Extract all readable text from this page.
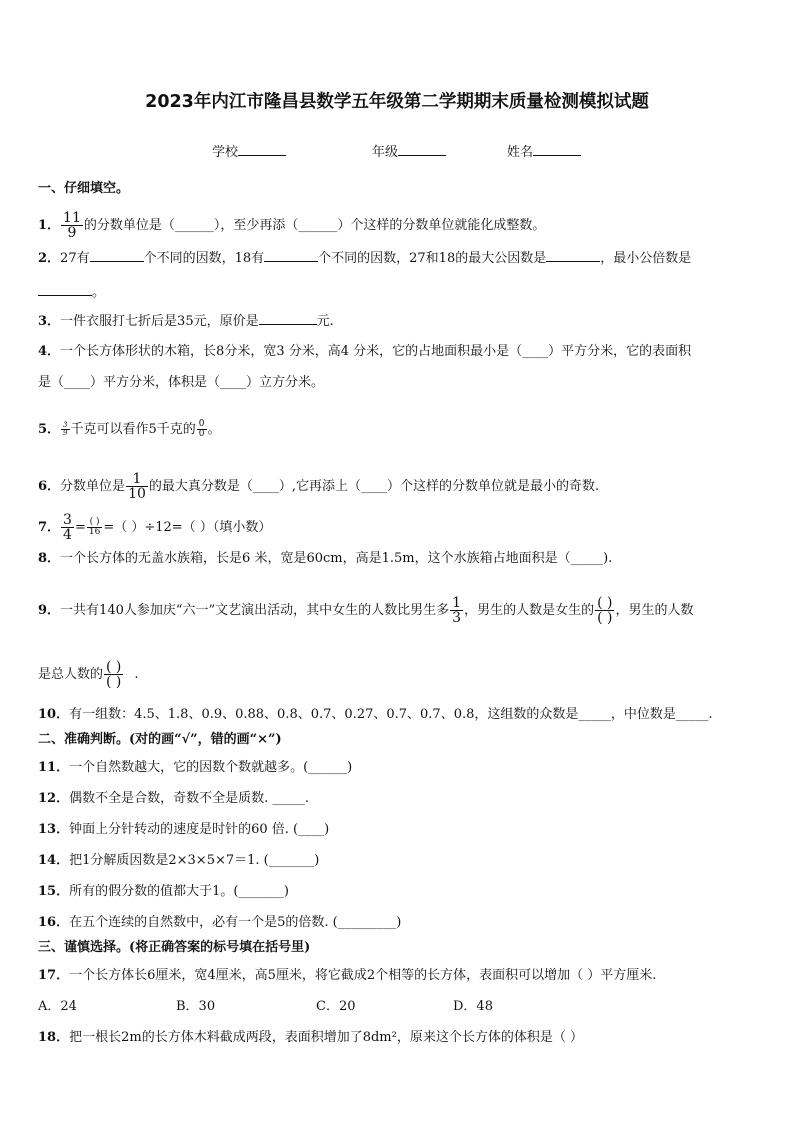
2023年内江市隆昌县数学五年级第二学期期末质量检测模拟试题
学校	年级	姓名
一、仔细填空。
1． $\frac{11}{9}$ 的分数单位是（______），至少再添（______）个这样的分数单位就能化成整数。
2．27有	个不同的因数，18有	个不同的因数，27和18的最大公因数是	，最小公倍数是
。
3．一件衣服打七折后是35元，原价是	元.
4．一个长方体形状的木箱，长8分米，宽3 分米，高4 分米，它的占地面积最小是（____）平方分米，它的表面积
是（____）平方分米，体积是（____）立方分米。
5． $\frac{3}{9}$ 千克可以看作5千克的 $\frac{0}{0}$ 。
6．分数单位是 $\frac{1}{10}$ 的最大真分数是（____）,它再添上（____）个这样的分数单位就是最小的奇数.
7． $\frac{3}{4} = \frac{( )}{16}$ =（ ）÷12=（ ）（填小数）
8．一个长方体的无盖水族箱，长是6 米，宽是60cm，高是1.5m，这个水族箱占地面积是（_____).
9．一共有140人参加庆“六一”文艺演出活动，其中女生的人数比男生多 $\frac{1}{3}$ ，男生的人数是女生的 $\frac{( )}{( )}$ ，男生的人数
是总人数的 $\frac{( )}{( )}$ .
10．有一组数：4.5、1.8、0.9、0.88、0.8、0.7、0.27、0.7、0.7、0.8，这组数的众数是_____，中位数是_____.
二、准确判断。(对的画“√”，错的画“×”)
11．一个自然数越大，它的因数个数就越多。(______)
12．偶数不全是合数，奇数不全是质数. _____.
13．钟面上分针转动的速度是时针的60 倍. (____)
14．把1分解质因数是2×3×5×7＝1. (_______)
15．所有的假分数的值都大于1。(_______)
16．在五个连续的自然数中，必有一个是5的倍数. (_________)
三、谨慎选择。(将正确答案的标号填在括号里)
17．一个长方体长6厘米，宽4厘米，高5厘米，将它截成2个相等的长方体，表面积可以增加（ ）平方厘米.
A．24	B．30	C．20	D．48
18．把一根长2m的长方体木料截成两段，表面积增加了8dm²，原来这个长方体的体积是（ ）
